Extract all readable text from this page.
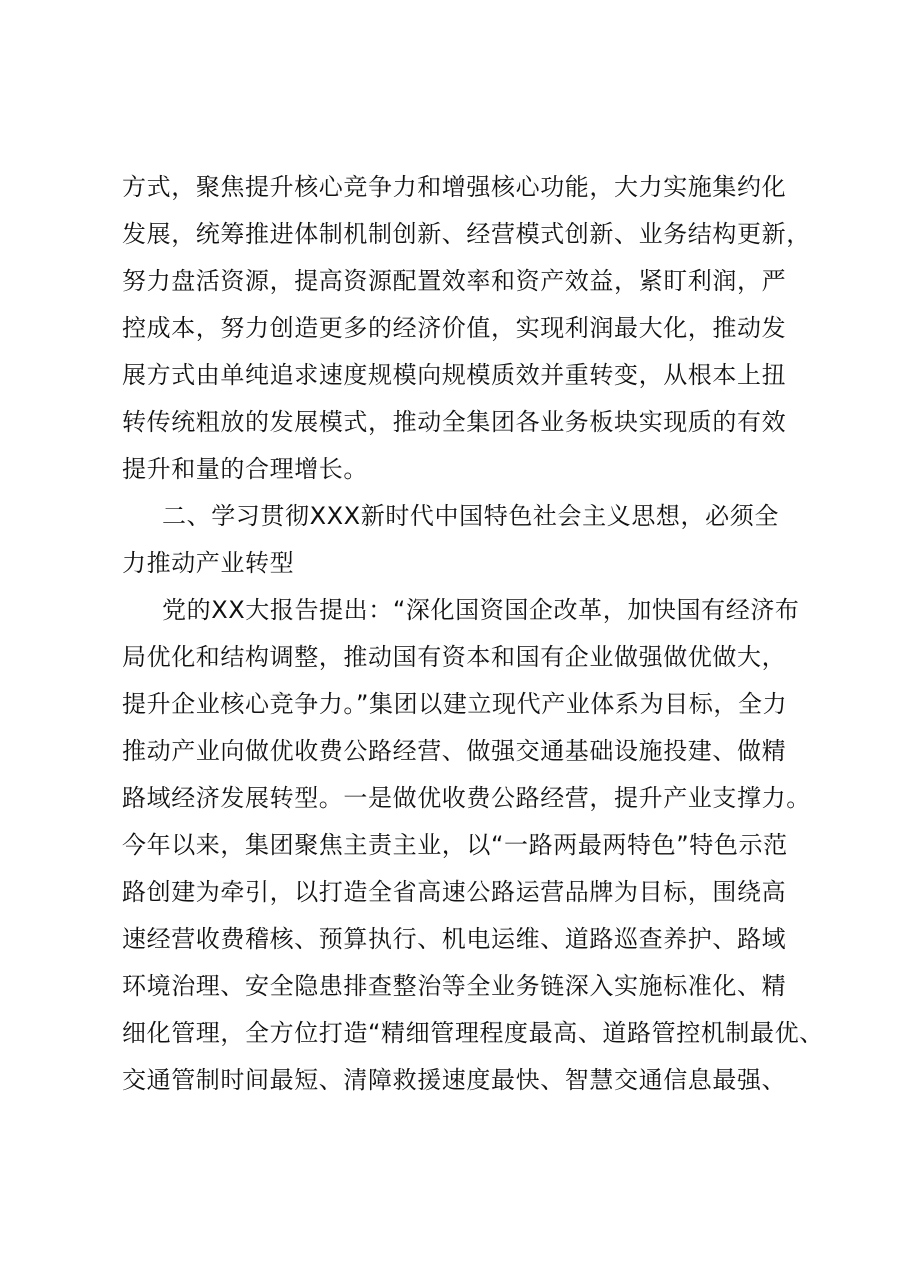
方式，聚焦提升核心竞争力和增强核心功能，大力实施集约化
发展，统筹推进体制机制创新、经营模式创新、业务结构更新，
努力盘活资源，提高资源配置效率和资产效益，紧盯利润，严
控成本，努力创造更多的经济价值，实现利润最大化，推动发
展方式由单纯追求速度规模向规模质效并重转变，从根本上扭
转传统粗放的发展模式，推动全集团各业务板块实现质的有效
提升和量的合理增长。
二、学习贯彻XXX新时代中国特色社会主义思想，必须全
力推动产业转型
党的XX大报告提出：“深化国资国企改革，加快国有经济布
局优化和结构调整，推动国有资本和国有企业做强做优做大，
提升企业核心竞争力。”集团以建立现代产业体系为目标，全力
推动产业向做优收费公路经营、做强交通基础设施投建、做精
路域经济发展转型。一是做优收费公路经营，提升产业支撑力。
今年以来，集团聚焦主责主业，以“一路两最两特色”特色示范
路创建为牵引，以打造全省高速公路运营品牌为目标，围绕高
速经营收费稽核、预算执行、机电运维、道路巡查养护、路域
环境治理、安全隐患排查整治等全业务链深入实施标准化、精
细化管理，全方位打造“精细管理程度最高、道路管控机制最优、
交通管制时间最短、清障救援速度最快、智慧交通信息最强、
